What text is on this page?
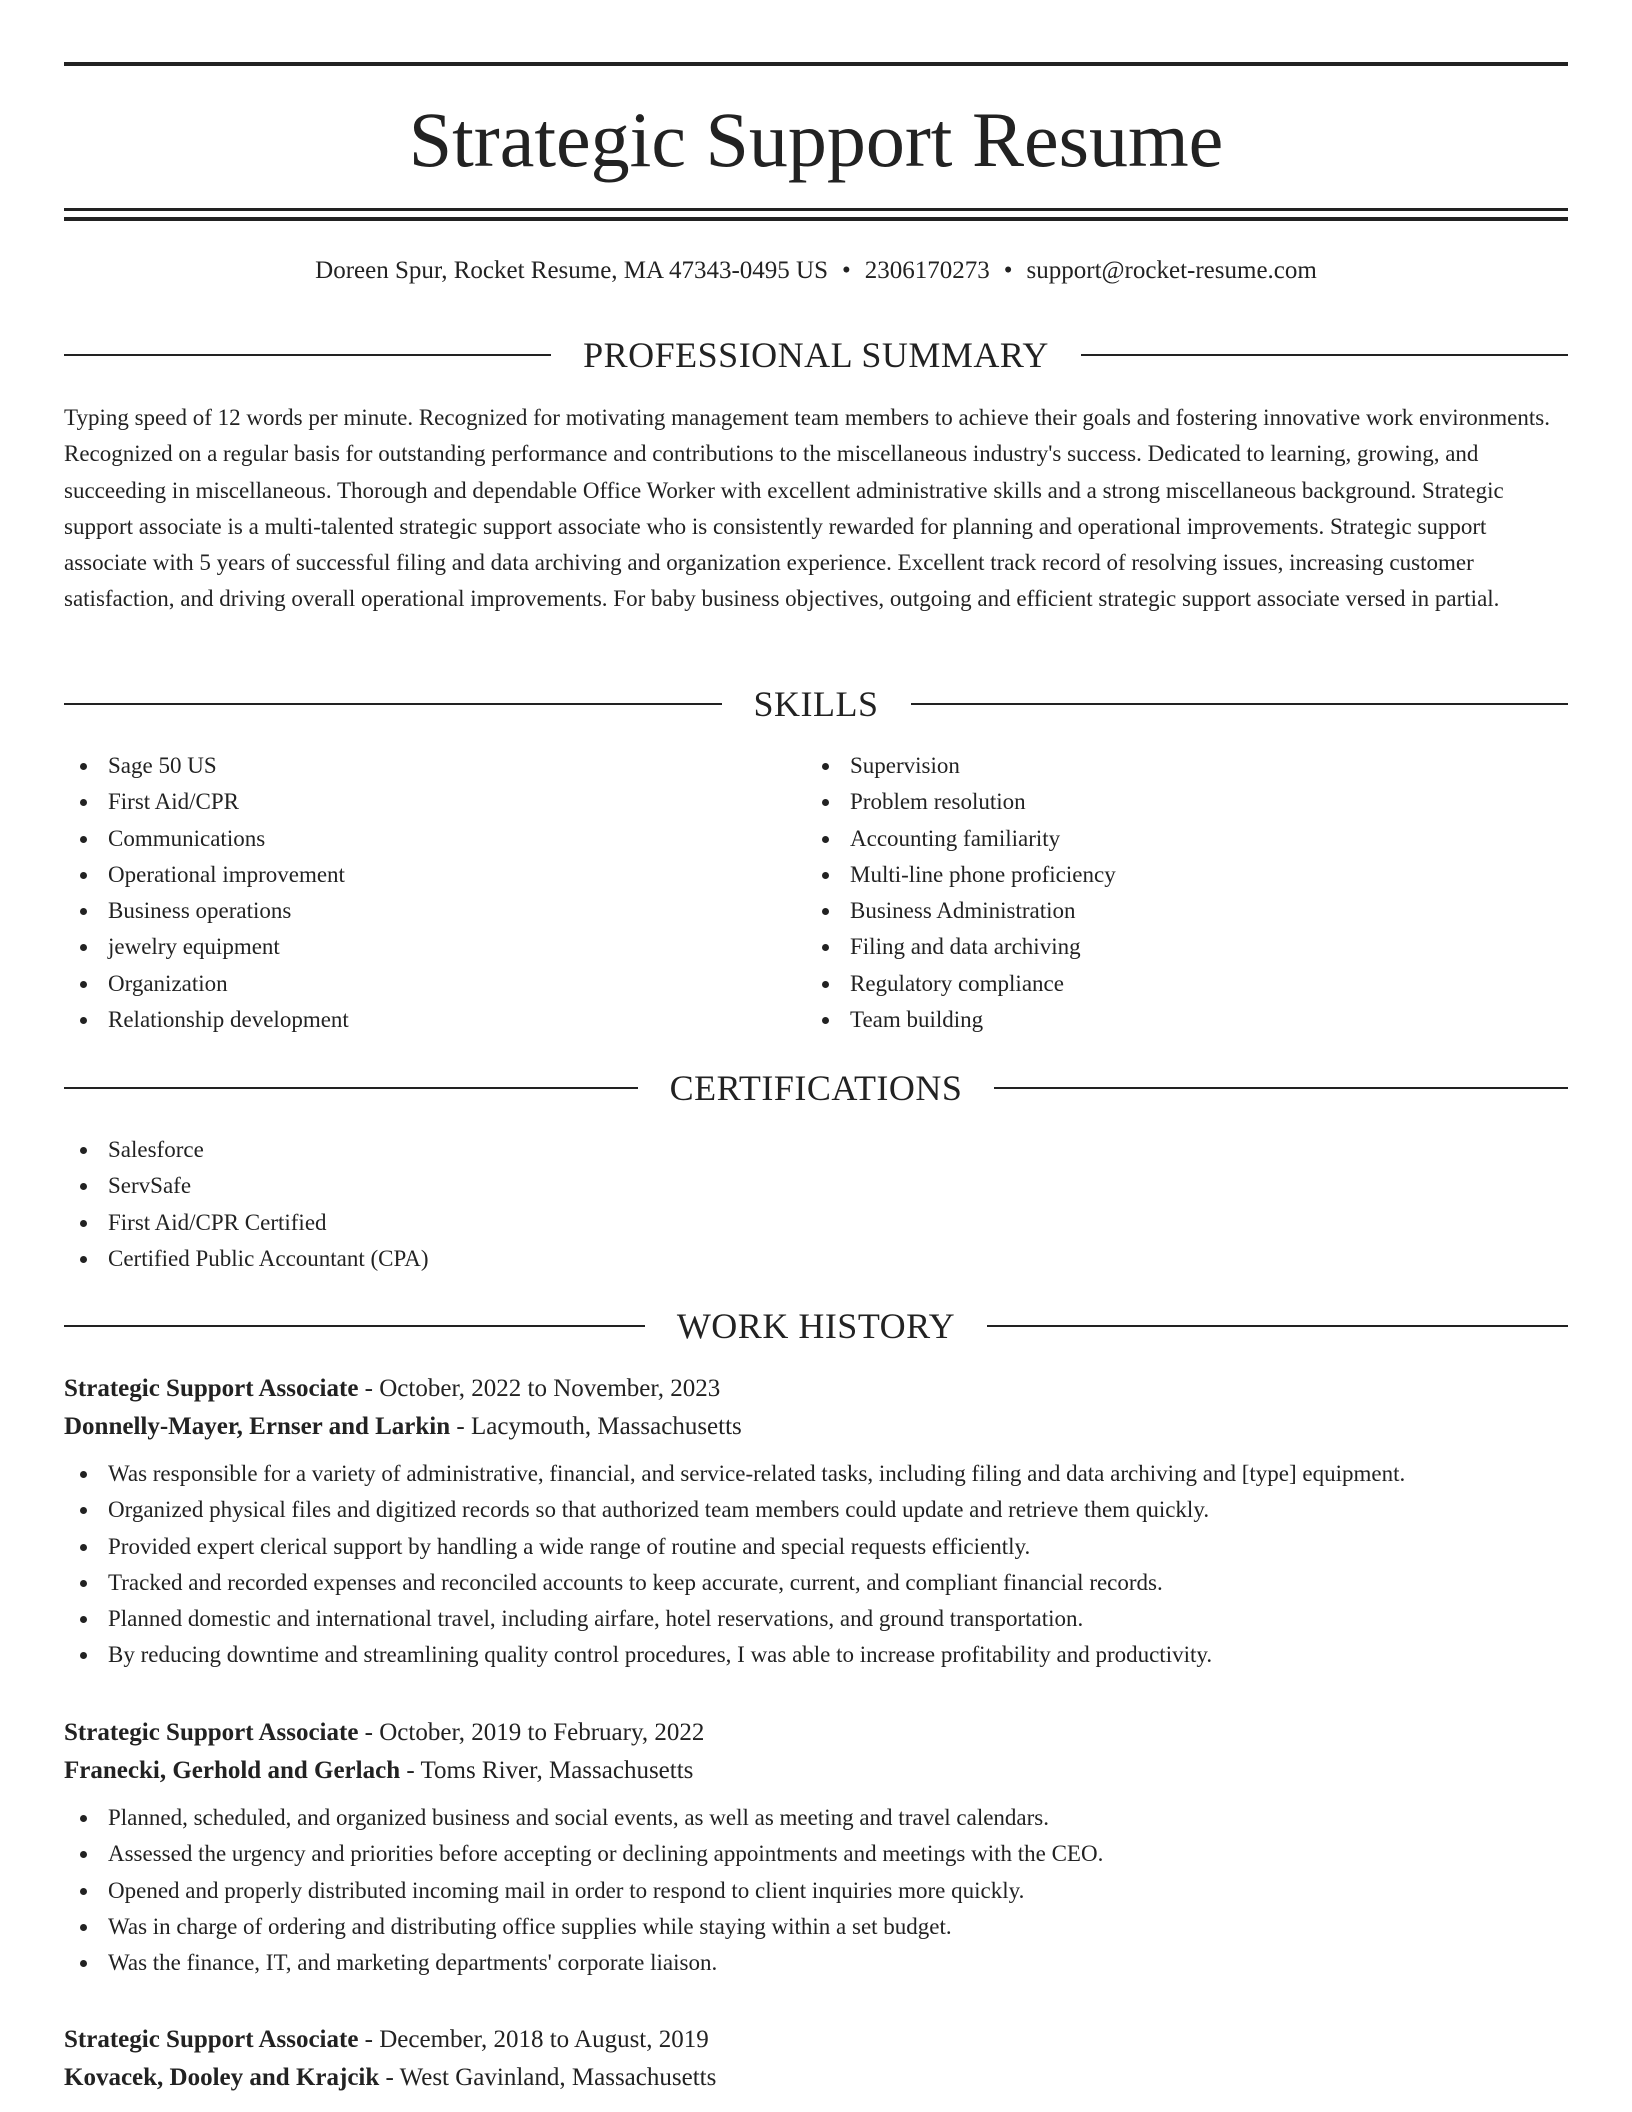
Strategic Support Resume
Doreen Spur, Rocket Resume, MA 47343-0495 US • 2306170273 • support@rocket-resume.com
PROFESSIONAL SUMMARY

Typing speed of 12 words per minute. Recognized for motivating management team members to achieve their goals and fostering innovative work environments. Recognized on a regular basis for outstanding performance and contributions to the miscellaneous industry's success. Dedicated to learning, growing, and succeeding in miscellaneous. Thorough and dependable Office Worker with excellent administrative skills and a strong miscellaneous background. Strategic support associate is a multi-talented strategic support associate who is consistently rewarded for planning and operational improvements. Strategic support associate with 5 years of successful filing and data archiving and organization experience. Excellent track record of resolving issues, increasing customer satisfaction, and driving overall operational improvements. For baby business objectives, outgoing and efficient strategic support associate versed in partial.

SKILLS
Sage 50 US
First Aid/CPR
Communications
Operational improvement
Business operations
jewelry equipment
Organization
Relationship development
Supervision
Problem resolution
Accounting familiarity
Multi-line phone proficiency
Business Administration
Filing and data archiving
Regulatory compliance
Team building
CERTIFICATIONS
Salesforce
ServSafe
First Aid/CPR Certified
Certified Public Accountant (CPA)
WORK HISTORY
Strategic Support Associate - October, 2022 to November, 2023
Donnelly-Mayer, Ernser and Larkin - Lacymouth, Massachusetts
Was responsible for a variety of administrative, financial, and service-related tasks, including filing and data archiving and [type] equipment.
Organized physical files and digitized records so that authorized team members could update and retrieve them quickly.
Provided expert clerical support by handling a wide range of routine and special requests efficiently.
Tracked and recorded expenses and reconciled accounts to keep accurate, current, and compliant financial records.
Planned domestic and international travel, including airfare, hotel reservations, and ground transportation.
By reducing downtime and streamlining quality control procedures, I was able to increase profitability and productivity.
Strategic Support Associate - October, 2019 to February, 2022
Franecki, Gerhold and Gerlach - Toms River, Massachusetts
Planned, scheduled, and organized business and social events, as well as meeting and travel calendars.
Assessed the urgency and priorities before accepting or declining appointments and meetings with the CEO.
Opened and properly distributed incoming mail in order to respond to client inquiries more quickly.
Was in charge of ordering and distributing office supplies while staying within a set budget.
Was the finance, IT, and marketing departments' corporate liaison.
Strategic Support Associate - December, 2018 to August, 2019
Kovacek, Dooley and Krajcik - West Gavinland, Massachusetts
